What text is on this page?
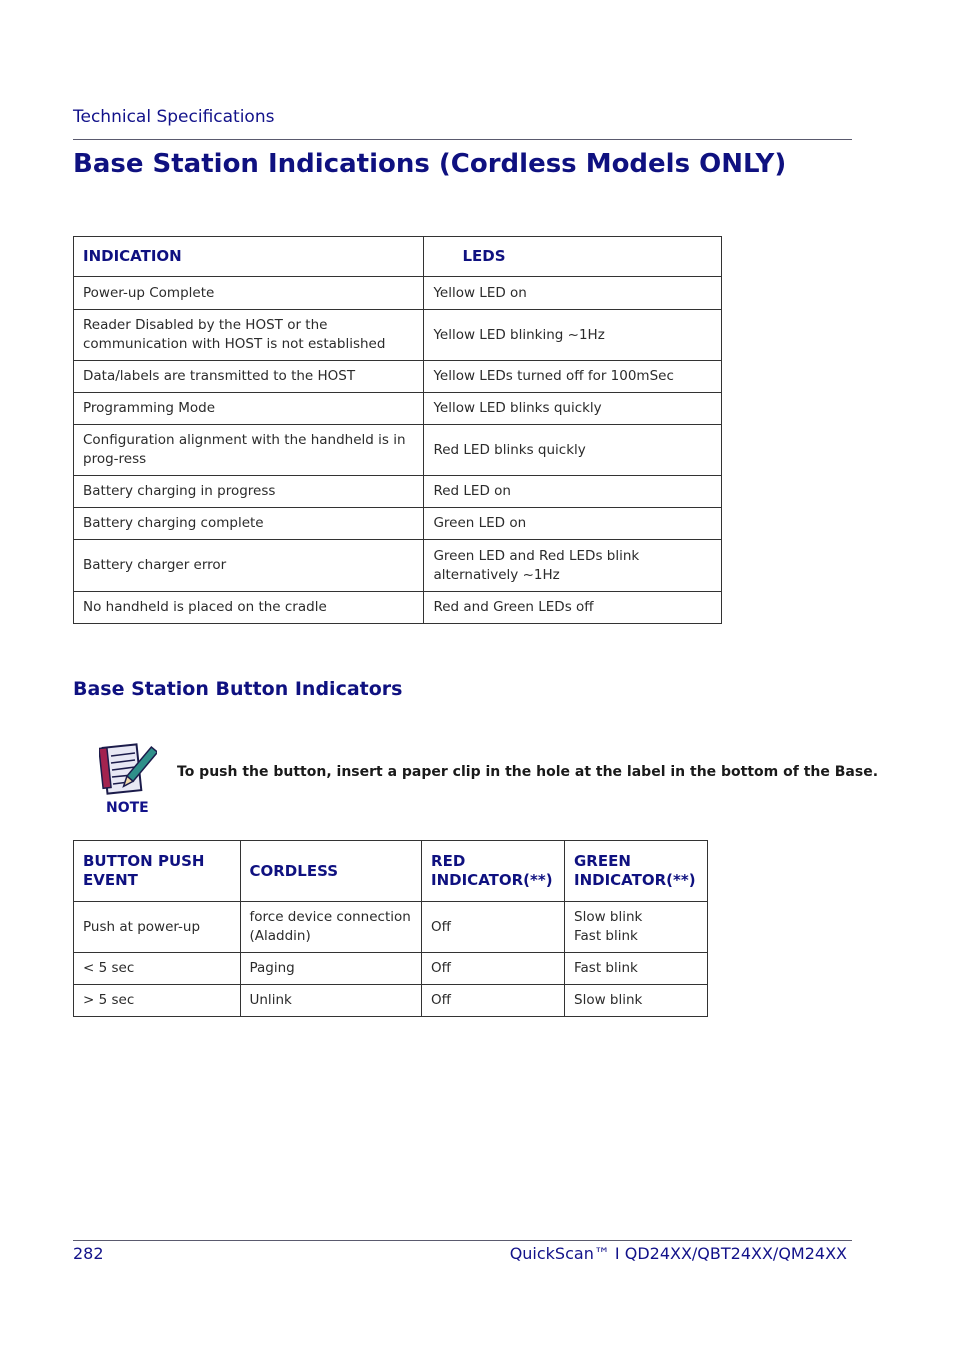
Technical Specifications
Base Station Indications (Cordless Models ONLY)
INDICATION	LEDS
Power-up Complete	Yellow LED on
Reader Disabled by the HOST or the communication with HOST is not established	Yellow LED blinking ~1Hz
Data/labels are transmitted to the HOST	Yellow LEDs turned off for 100mSec
Programming Mode	Yellow LED blinks quickly
Configuration alignment with the handheld is in prog-ress	Red LED blinks quickly
Battery charging in progress	Red LED on
Battery charging complete	Green LED on
Battery charger error	Green LED and Red LEDs blink alternatively ~1Hz
No handheld is placed on the cradle	Red and Green LEDs off
Base Station Button Indicators
NOTE
To push the button, insert a paper clip in the hole at the label in the bottom of the Base.
BUTTON PUSH EVENT	CORDLESS	RED INDICATOR(**)	GREEN INDICATOR(**)
Push at power-up	force device connection (Aladdin)	Off	Slow blink
Fast blink

< 5 sec	Paging	Off	Fast blink
> 5 sec	Unlink	Off	Slow blink
282	QuickScan™ I QD24XX/QBT24XX/QM24XX
